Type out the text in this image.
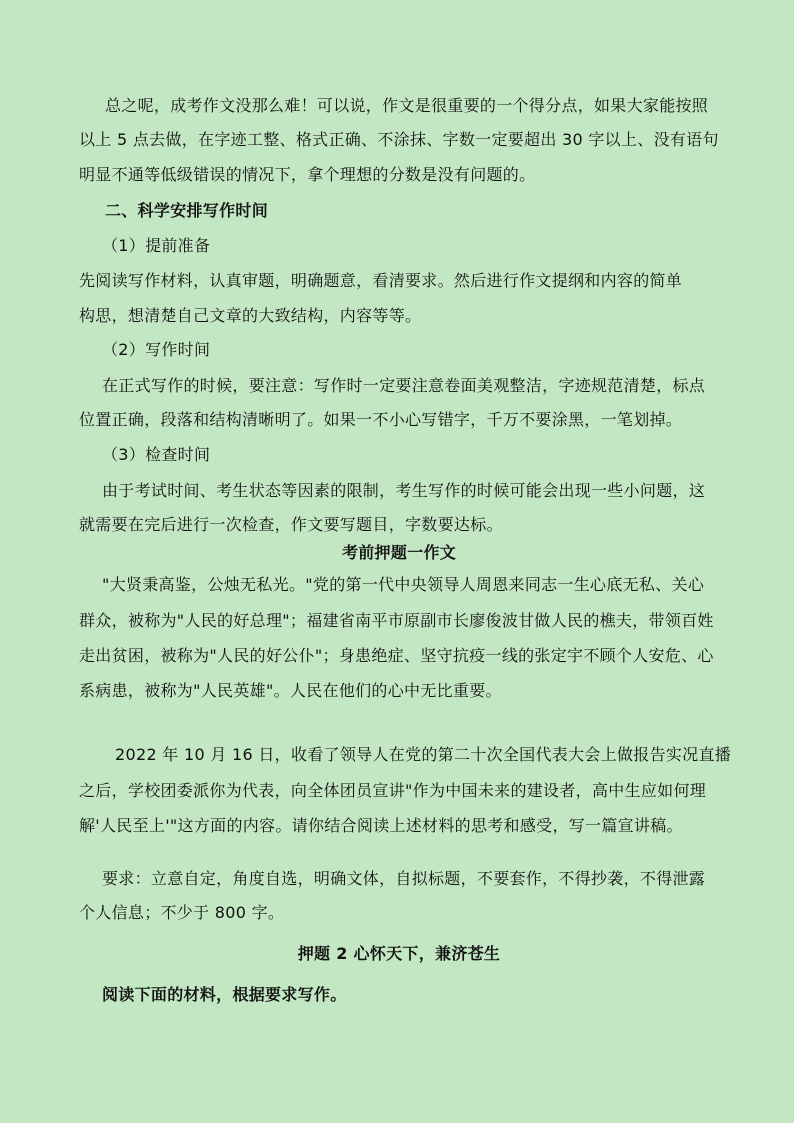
总之呢，成考作文没那么难！可以说，作文是很重要的一个得分点，如果大家能按照
以上 5 点去做，在字迹工整、格式正确、不涂抹、字数一定要超出 30 字以上、没有语句
明显不通等低级错误的情况下，拿个理想的分数是没有问题的。
二、科学安排写作时间
（1）提前准备
先阅读写作材料，认真审题，明确题意，看清要求。然后进行作文提纲和内容的简单
构思，想清楚自己文章的大致结构，内容等等。
（2）写作时间
在正式写作的时候，要注意：写作时一定要注意卷面美观整洁，字迹规范清楚，标点
位置正确，段落和结构清晰明了。如果一不小心写错字，千万不要涂黑，一笔划掉。
（3）检查时间
由于考试时间、考生状态等因素的限制，考生写作的时候可能会出现一些小问题，这
就需要在完后进行一次检查，作文要写题目，字数要达标。
考前押题一作文
"大贤秉高鉴，公烛无私光。"党的第一代中央领导人周恩来同志一生心底无私、关心
群众，被称为"人民的好总理"；福建省南平市原副市长廖俊波甘做人民的樵夫，带领百姓
走出贫困，被称为"人民的好公仆"；身患绝症、坚守抗疫一线的张定宇不顾个人安危、心
系病患，被称为"人民英雄"。人民在他们的心中无比重要。
2022 年 10 月 16 日，收看了领导人在党的第二十次全国代表大会上做报告实况直播
之后，学校团委派你为代表，向全体团员宣讲"作为中国未来的建设者，高中生应如何理
解'人民至上'"这方面的内容。请你结合阅读上述材料的思考和感受，写一篇宣讲稿。
要求：立意自定，角度自选，明确文体，自拟标题，不要套作，不得抄袭，不得泄露
个人信息；不少于 800 字。
押题 2 心怀天下，兼济苍生
阅读下面的材料，根据要求写作。
